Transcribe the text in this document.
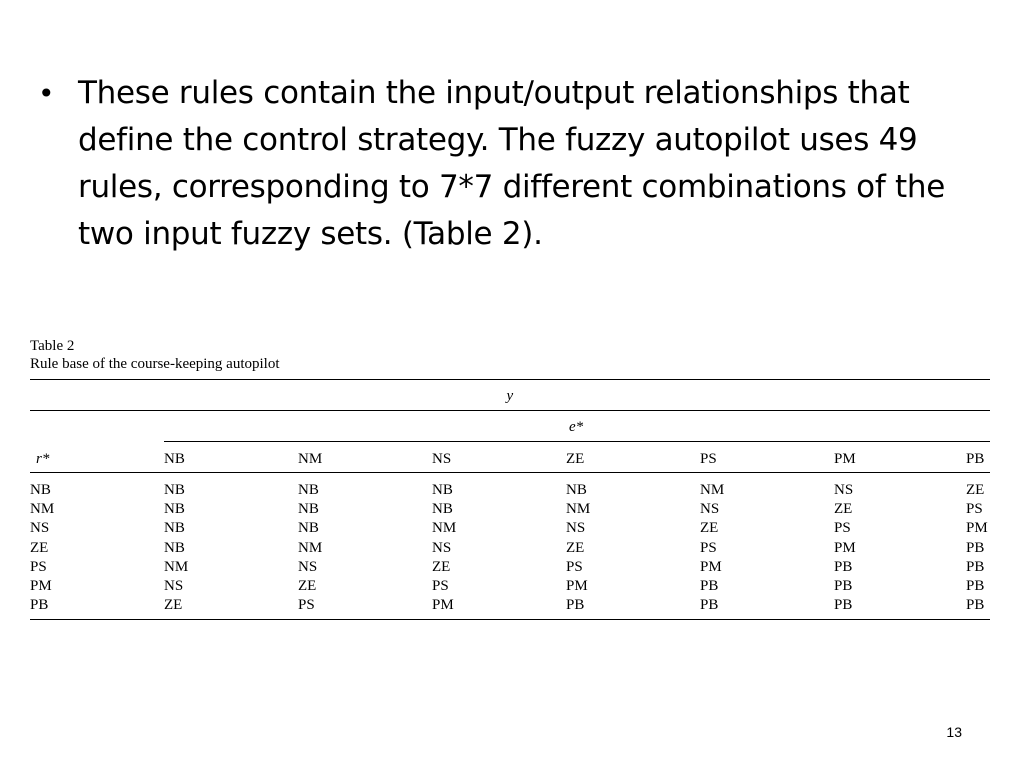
• These rules contain the input/output relationships that define the control strategy. The fuzzy autopilot uses 49 rules, corresponding to 7*7 different combinations of the two input fuzzy sets. (Table 2).
Table 2
Rule base of the course-keeping autopilot
y
e*
r*	NB	NM	NS	ZE	PS	PM	PB
NB	NB	NB	NB	NB	NM	NS	ZE
NM	NB	NB	NB	NM	NS	ZE	PS
NS	NB	NB	NM	NS	ZE	PS	PM
ZE	NB	NM	NS	ZE	PS	PM	PB
PS	NM	NS	ZE	PS	PM	PB	PB
PM	NS	ZE	PS	PM	PB	PB	PB
PB	ZE	PS	PM	PB	PB	PB	PB
13
